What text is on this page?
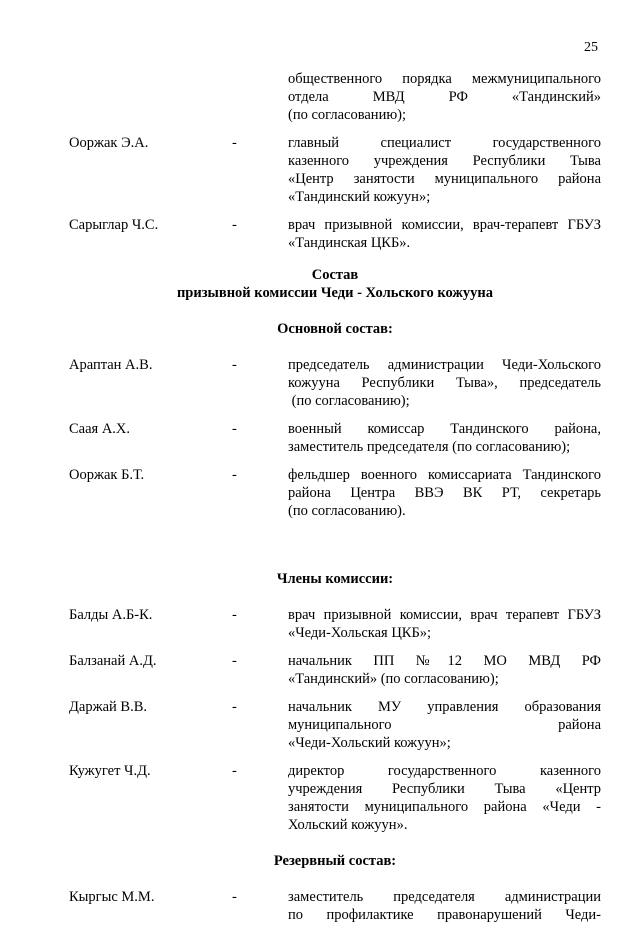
25
общественного порядка межмуниципального
отдела МВД РФ «Тандинский»
(по согласованию);
Ооржак Э.А.	-	главный специалист государственного
казенного учреждения Республики Тыва
«Центр занятости муниципального района
«Тандинский кожуун»;
Сарыглар Ч.С.	-	врач призывной комиссии, врач-терапевт ГБУЗ
«Тандинская ЦКБ».
Состав
призывной комиссии Чеди - Хольского кожууна
Основной состав:
Араптан А.В.	-	председатель администрации Чеди-Хольского
кожууна Республики Тыва», председатель
(по согласованию);
Саая А.Х.	-	военный комиссар Тандинского района,
заместитель председателя (по согласованию);
Ооржак Б.Т.	-	фельдшер военного комиссариата Тандинского
района Центра ВВЭ ВК РТ, секретарь
(по согласованию).
Члены комиссии:
Балды А.Б-К.	-	врач призывной комиссии, врач терапевт ГБУЗ
«Чеди-Хольская ЦКБ»;
Балзанай А.Д.	-	начальник ПП №12 МО МВД РФ
«Тандинский» (по согласованию);
Даржай В.В.	-	начальник МУ управления образования
муниципального района
«Чеди-Хольский кожуун»;
Кужугет Ч.Д.	-	директор государственного казенного
учреждения Республики Тыва «Центр
занятости муниципального района «Чеди -
Хольский кожуун».
Резервный состав:
Кыргыс М.М.	-	заместитель председателя администрации
по профилактике правонарушений Чеди-
